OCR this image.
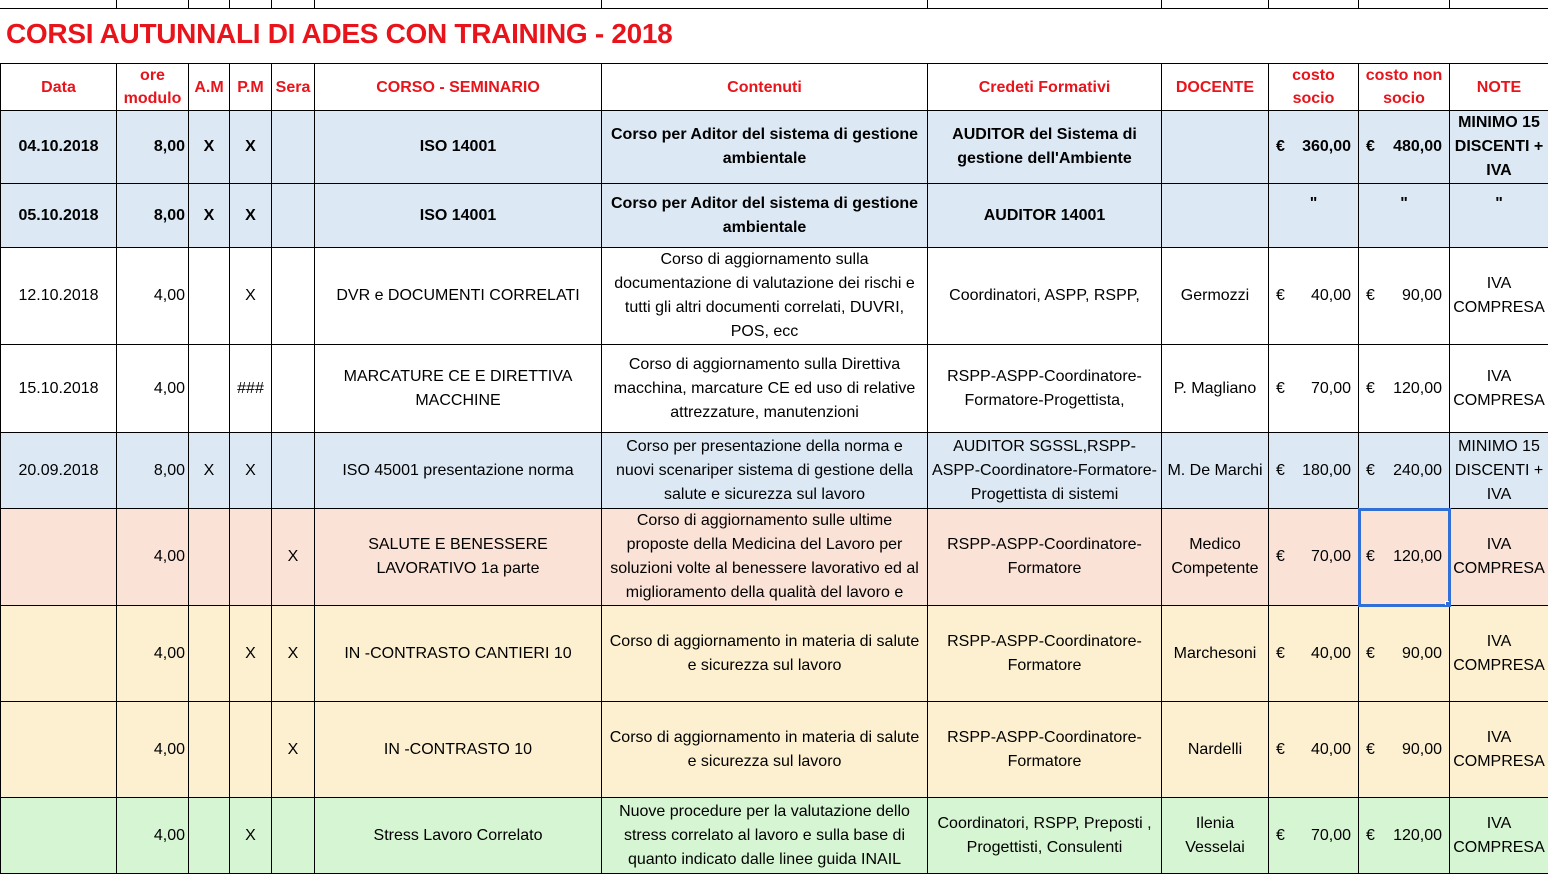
CORSI AUTUNNALI DI ADES CON TRAINING - 2018
Data	ore modulo	A.M	P.M	Sera	CORSO - SEMINARIO	Contenuti	Credeti Formativi	DOCENTE	costo socio	costo non socio	NOTE
04.10.2018	8,00	X	X		ISO 14001	Corso per Aditor del sistema di gestione ambientale	AUDITOR del Sistema di gestione dell'Ambiente		€ 360,00	€ 480,00	MINIMO 15 DISCENTI + IVA
05.10.2018	8,00	X	X		ISO 14001	Corso per Aditor del sistema di gestione ambientale	AUDITOR 14001		"	"	"
12.10.2018	4,00		X		DVR e DOCUMENTI CORRELATI	Corso di aggiornamento sulla documentazione di valutazione dei rischi e tutti gli altri documenti correlati, DUVRI, POS, ecc	Coordinatori, ASPP, RSPP,	Germozzi	€ 40,00	€ 90,00	IVA COMPRESA
15.10.2018	4,00		###		MARCATURE CE E DIRETTIVA MACCHINE	Corso di aggiornamento sulla Direttiva macchina, marcature CE ed uso di relative attrezzature, manutenzioni	RSPP-ASPP-Coordinatore-Formatore-Progettista,	P. Magliano	€ 70,00	€ 120,00	IVA COMPRESA
20.09.2018	8,00	X	X		ISO 45001 presentazione norma	Corso per presentazione della norma e nuovi scenariper sistema di gestione della salute e sicurezza sul lavoro	AUDITOR SGSSL,RSPP-ASPP-Coordinatore-Formatore-Progettista di sistemi	M. De Marchi	€ 180,00	€ 240,00	MINIMO 15 DISCENTI + IVA
	4,00			X	SALUTE E BENESSERE LAVORATIVO 1a parte	Corso di aggiornamento sulle ultime proposte della Medicina del Lavoro per soluzioni volte al benessere lavorativo ed al miglioramento della qualità del lavoro e	RSPP-ASPP-Coordinatore-Formatore	Medico Competente	€ 70,00	€ 120,00	IVA COMPRESA
	4,00		X	X	IN -CONTRASTO CANTIERI 10	Corso di aggiornamento in materia di salute e sicurezza sul lavoro	RSPP-ASPP-Coordinatore-Formatore	Marchesoni	€ 40,00	€ 90,00	IVA COMPRESA
	4,00			X	IN -CONTRASTO 10	Corso di aggiornamento in materia di salute e sicurezza sul lavoro	RSPP-ASPP-Coordinatore-Formatore	Nardelli	€ 40,00	€ 90,00	IVA COMPRESA
	4,00		X		Stress Lavoro Correlato	Nuove procedure per la valutazione dello stress correlato al lavoro e sulla base di quanto indicato dalle linee guida INAIL	Coordinatori, RSPP, Preposti , Progettisti, Consulenti	Ilenia Vesselai	€ 70,00	€ 120,00	IVA COMPRESA
